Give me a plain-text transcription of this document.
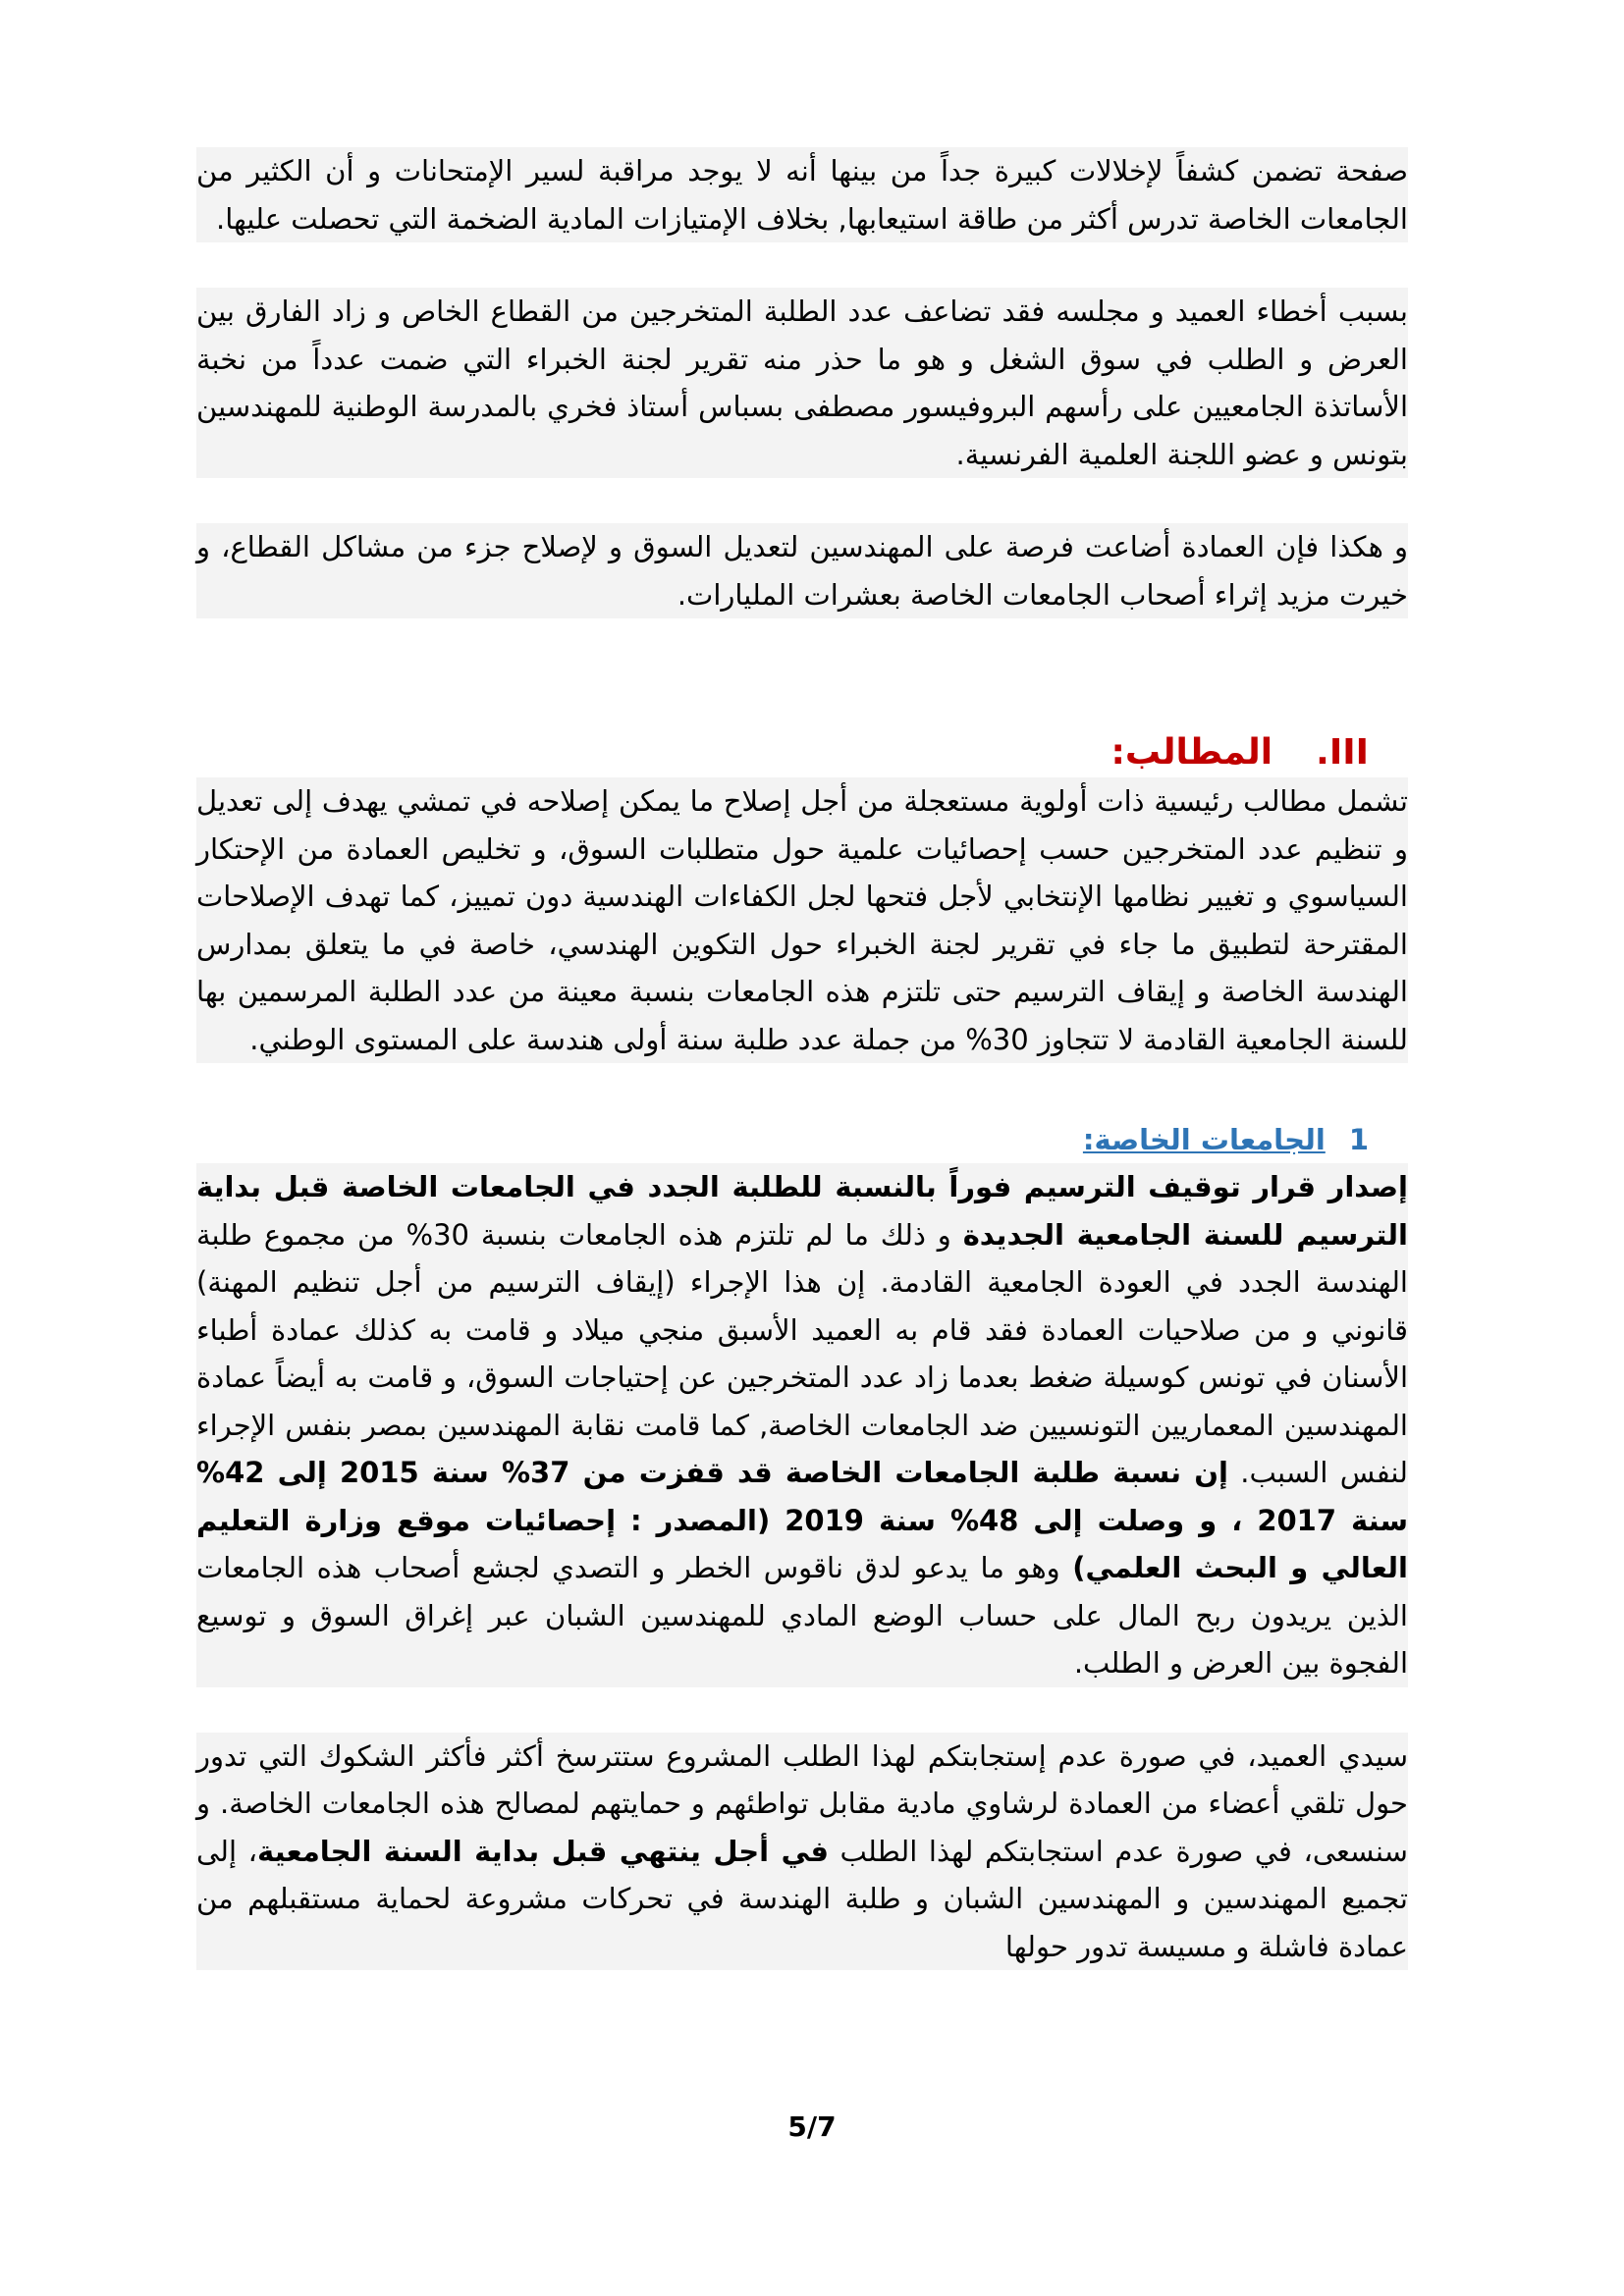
صفحة تضمن كشفاً لإخلالات كبيرة جداً من بينها أنه لا يوجد مراقبة لسير الإمتحانات و أن الكثير من الجامعات الخاصة تدرس أكثر من طاقة استيعابها, بخلاف الإمتيازات المادية الضخمة التي تحصلت عليها.

بسبب أخطاء العميد و مجلسه فقد تضاعف عدد الطلبة المتخرجين من القطاع الخاص و زاد الفارق بين العرض و الطلب في سوق الشغل و هو ما حذر منه تقرير لجنة الخبراء التي ضمت عدداً من نخبة الأساتذة الجامعيين على رأسهم البروفيسور مصطفى بسباس أستاذ فخري بالمدرسة الوطنية للمهندسين بتونس و عضو اللجنة العلمية الفرنسية.

و هكذا فإن العمادة أضاعت فرصة على المهندسين لتعديل السوق و لإصلاح جزء من مشاكل القطاع، و خيرت مزيد إثراء أصحاب الجامعات الخاصة بعشرات المليارات.

III.المطالب:

تشمل مطالب رئيسية ذات أولوية مستعجلة من أجل إصلاح ما يمكن إصلاحه في تمشي يهدف إلى تعديل و تنظيم عدد المتخرجين حسب إحصائيات علمية حول متطلبات السوق، و تخليص العمادة من الإحتكار السياسوي و تغيير نظامها الإنتخابي لأجل فتحها لجل الكفاءات الهندسية دون تمييز، كما تهدف الإصلاحات المقترحة لتطبيق ما جاء في تقرير لجنة الخبراء حول التكوين الهندسي، خاصة في ما يتعلق بمدارس الهندسة الخاصة و إيقاف الترسيم حتى تلتزم هذه الجامعات بنسبة معينة من عدد الطلبة المرسمين بها للسنة الجامعية القادمة لا تتجاوز 30% من جملة عدد طلبة سنة أولى هندسة على المستوى الوطني.

1الجامعات الخاصة:

إصدار قرار توقيف الترسيم فوراً بالنسبة للطلبة الجدد في الجامعات الخاصة قبل بداية الترسيم للسنة الجامعية الجديدة و ذلك ما لم تلتزم هذه الجامعات بنسبة 30% من مجموع طلبة الهندسة الجدد في العودة الجامعية القادمة. إن هذا الإجراء (إيقاف الترسيم من أجل تنظيم المهنة) قانوني و من صلاحيات العمادة فقد قام به العميد الأسبق منجي ميلاد و قامت به كذلك عمادة أطباء الأسنان في تونس كوسيلة ضغط بعدما زاد عدد المتخرجين عن إحتياجات السوق، و قامت به أيضاً عمادة المهندسين المعماريين التونسيين ضد الجامعات الخاصة, كما قامت نقابة المهندسين بمصر بنفس الإجراء لنفس السبب. إن نسبة طلبة الجامعات الخاصة قد قفزت من 37% سنة 2015 إلى 42% سنة 2017 ، و وصلت إلى 48% سنة 2019 (المصدر : إحصائيات موقع وزارة التعليم العالي و البحث العلمي) وهو ما يدعو لدق ناقوس الخطر و التصدي لجشع أصحاب هذه الجامعات الذين يريدون ربح المال على حساب الوضع المادي للمهندسين الشبان عبر إغراق السوق و توسيع الفجوة بين العرض و الطلب.

سيدي العميد، في صورة عدم إستجابتكم لهذا الطلب المشروع ستترسخ أكثر فأكثر الشكوك التي تدور حول تلقي أعضاء من العمادة لرشاوي مادية مقابل تواطئهم و حمايتهم لمصالح هذه الجامعات الخاصة. و سنسعى، في صورة عدم استجابتكم لهذا الطلب في أجل ينتهي قبل بداية السنة الجامعية، إلى تجميع المهندسين و المهندسين الشبان و طلبة الهندسة في تحركات مشروعة لحماية مستقبلهم من عمادة فاشلة و مسيسة تدور حولها

5/7
